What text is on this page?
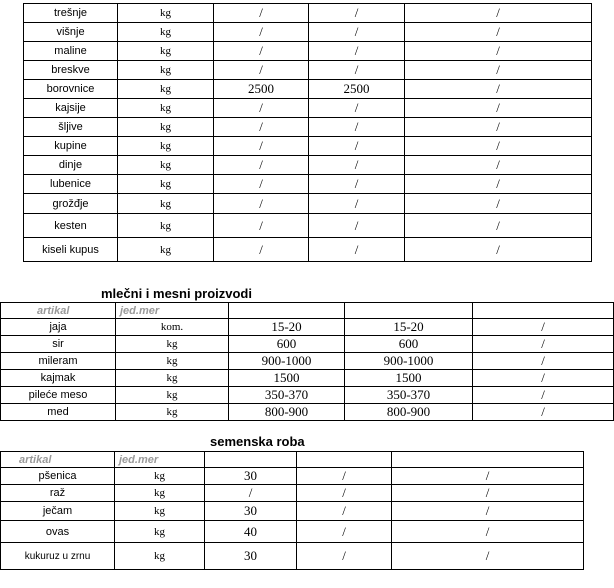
trešnje	kg	/	/	/
višnje	kg	/	/	/
maline	kg	/	/	/
breskve	kg	/	/	/
borovnice	kg	2500	2500	/
kajsije	kg	/	/	/
šljive	kg	/	/	/
kupine	kg	/	/	/
dinje	kg	/	/	/
lubenice	kg	/	/	/
grožđje	kg	/	/	/
kesten	kg	/	/	/
kiseli kupus	kg	/	/	/
mlečni i mesni proizvodi
artikal	jed.mer			
jaja	kom.	15-20	15-20	/
sir	kg	600	600	/
mileram	kg	900-1000	900-1000	/
kajmak	kg	1500	1500	/
pileće meso	kg	350-370	350-370	/
med	kg	800-900	800-900	/
semenska roba
artikal	jed.mer			
pšenica	kg	30	/	/
raž	kg	/	/	/
ječam	kg	30	/	/
ovas	kg	40	/	/
kukuruz u zrnu	kg	30	/	/
